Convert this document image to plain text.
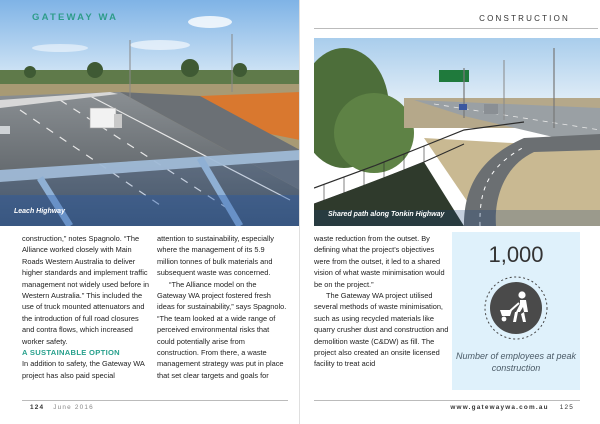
GATEWAY WA
Leach Highway

construction,” notes Spagnolo. “The Alliance worked closely with Main Roads Western Australia to deliver higher standards and implement traffic management not widely used before in Western Australia.” This included the use of truck mounted attenuators and the introduction of full road closures and contra flows, which increased worker safety.

A SUSTAINABLE OPTION

In addition to safety, the Gateway WA project has also paid special

attention to sustainability, especially where the management of its 5.9 million tonnes of bulk materials and subsequent waste was concerned.

“The Alliance model on the Gateway WA project fostered fresh ideas for sustainability,” says Spagnolo. “The team looked at a wide range of perceived environmental risks that could potentially arise from construction. From there, a waste management strategy was put in place that set clear targets and goals for

124 June 2016
CONSTRUCTION
Shared path along Tonkin Highway

waste reduction from the outset. By defining what the project’s objectives were from the outset, it led to a shared vision of what waste minimisation would be on the project.”

The Gateway WA project utilised several methods of waste minimisation, such as using recycled materials like quarry crusher dust and construction and demolition waste (C&DW) as fill. The project also created an onsite licensed facility to treat acid

1,000
Number of employees at peak construction
www.gatewaywa.com.au 125
